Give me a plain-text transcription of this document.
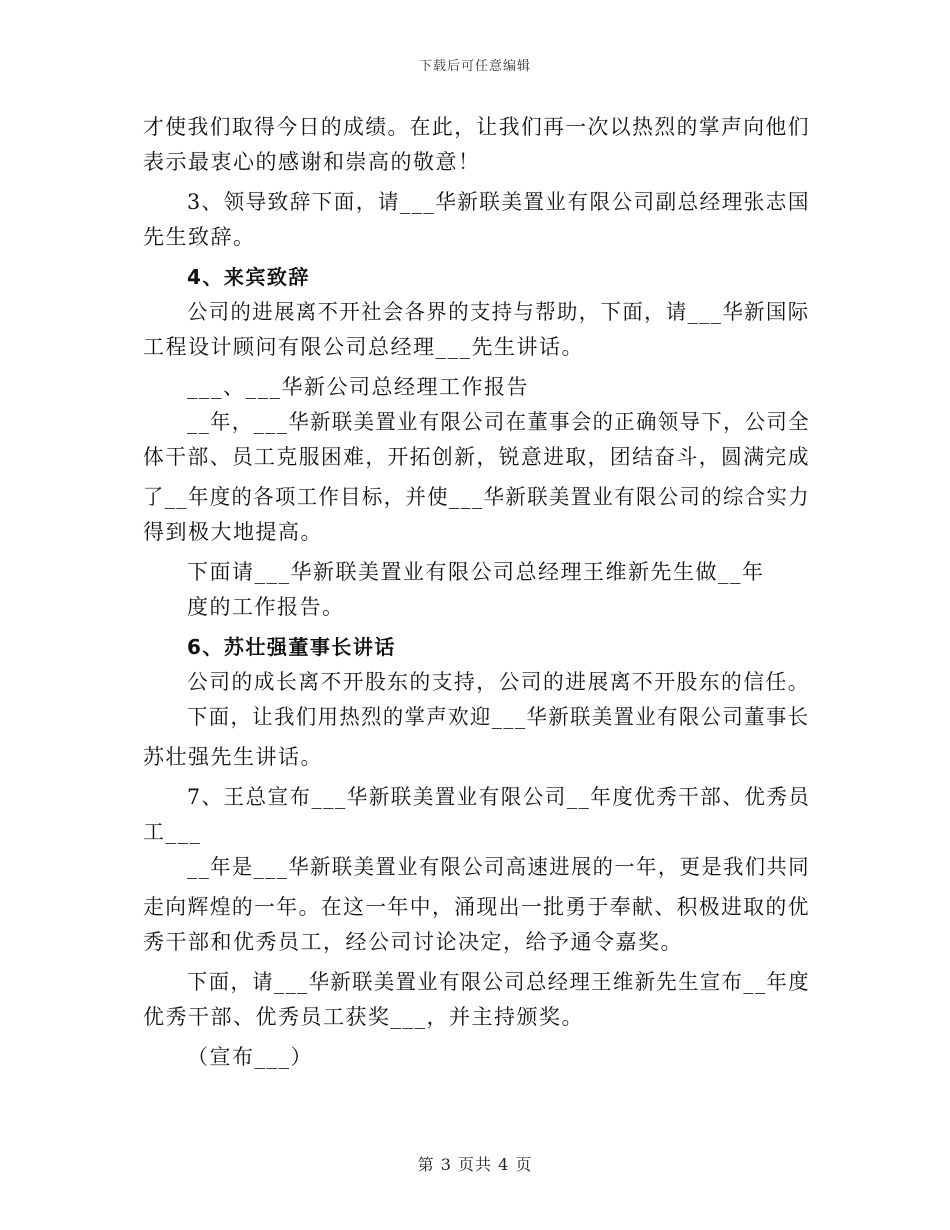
下载后可任意编辑
才使我们取得今日的成绩。在此，让我们再一次以热烈的掌声向他们
表示最衷心的感谢和崇高的敬意！
3、领导致辞下面，请___华新联美置业有限公司副总经理张志国
先生致辞。
4、来宾致辞
公司的进展离不开社会各界的支持与帮助，下面，请___华新国际
工程设计顾问有限公司总经理___先生讲话。
___、___华新公司总经理工作报告
__年，___华新联美置业有限公司在董事会的正确领导下，公司全
体干部、员工克服困难，开拓创新，锐意进取，团结奋斗，圆满完成
了__年度的各项工作目标，并使___华新联美置业有限公司的综合实力
得到极大地提高。
下面请___华新联美置业有限公司总经理王维新先生做__年
度的工作报告。
6、苏壮强董事长讲话
公司的成长离不开股东的支持，公司的进展离不开股东的信任。
下面，让我们用热烈的掌声欢迎___华新联美置业有限公司董事长
苏壮强先生讲话。
7、王总宣布___华新联美置业有限公司__年度优秀干部、优秀员
工___
__年是___华新联美置业有限公司高速进展的一年，更是我们共同
走向辉煌的一年。在这一年中，涌现出一批勇于奉献、积极进取的优
秀干部和优秀员工，经公司讨论决定，给予通令嘉奖。
下面，请___华新联美置业有限公司总经理王维新先生宣布__年度
优秀干部、优秀员工获奖___，并主持颁奖。
（宣布___）
第 3 页共 4 页
